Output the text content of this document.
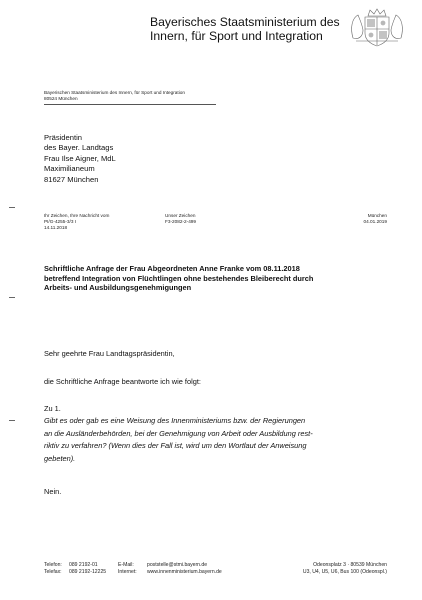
Bayerisches Staatsministerium des
Innern, für Sport und Integration
Bayerischen Staatsministerium des Innern, für Sport und Integration
80524 München
Präsidentin
des Bayer. Landtags
Frau Ilse Aigner, MdL
Maximilianeum
81627 München
Ihr Zeichen, Ihre Nachricht vom
PI/G-4255-3/3 I
14.11.2018
Unser Zeichen
F3-2082-2-499
München
04.01.2019
Schriftliche Anfrage der Frau Abgeordneten Anne Franke vom 08.11.2018
betreffend Integration von Flüchtlingen ohne bestehendes Bleiberecht durch
Arbeits- und Ausbildungsgenehmigungen
Sehr geehrte Frau Landtagspräsidentin,
die Schriftliche Anfrage beantworte ich wie folgt:
Zu 1.
Gibt es oder gab es eine Weisung des Innenministeriums bzw. der Regierungen
an die Ausländerbehörden, bei der Genehmigung von Arbeit oder Ausbildung rest-
riktiv zu verfahren? (Wenn dies der Fall ist, wird um den Wortlaut der Anweisung
gebeten).
Nein.
Telefon:
Telefax:
089 2192-01
089 2192-12225
E-Mail:
Internet:
poststelle@stmi.bayern.de
www.innenministerium.bayern.de
Odeonsplatz 3 · 80539 München
U3, U4, U5, U6, Bus 100 (Odeonspl.)
